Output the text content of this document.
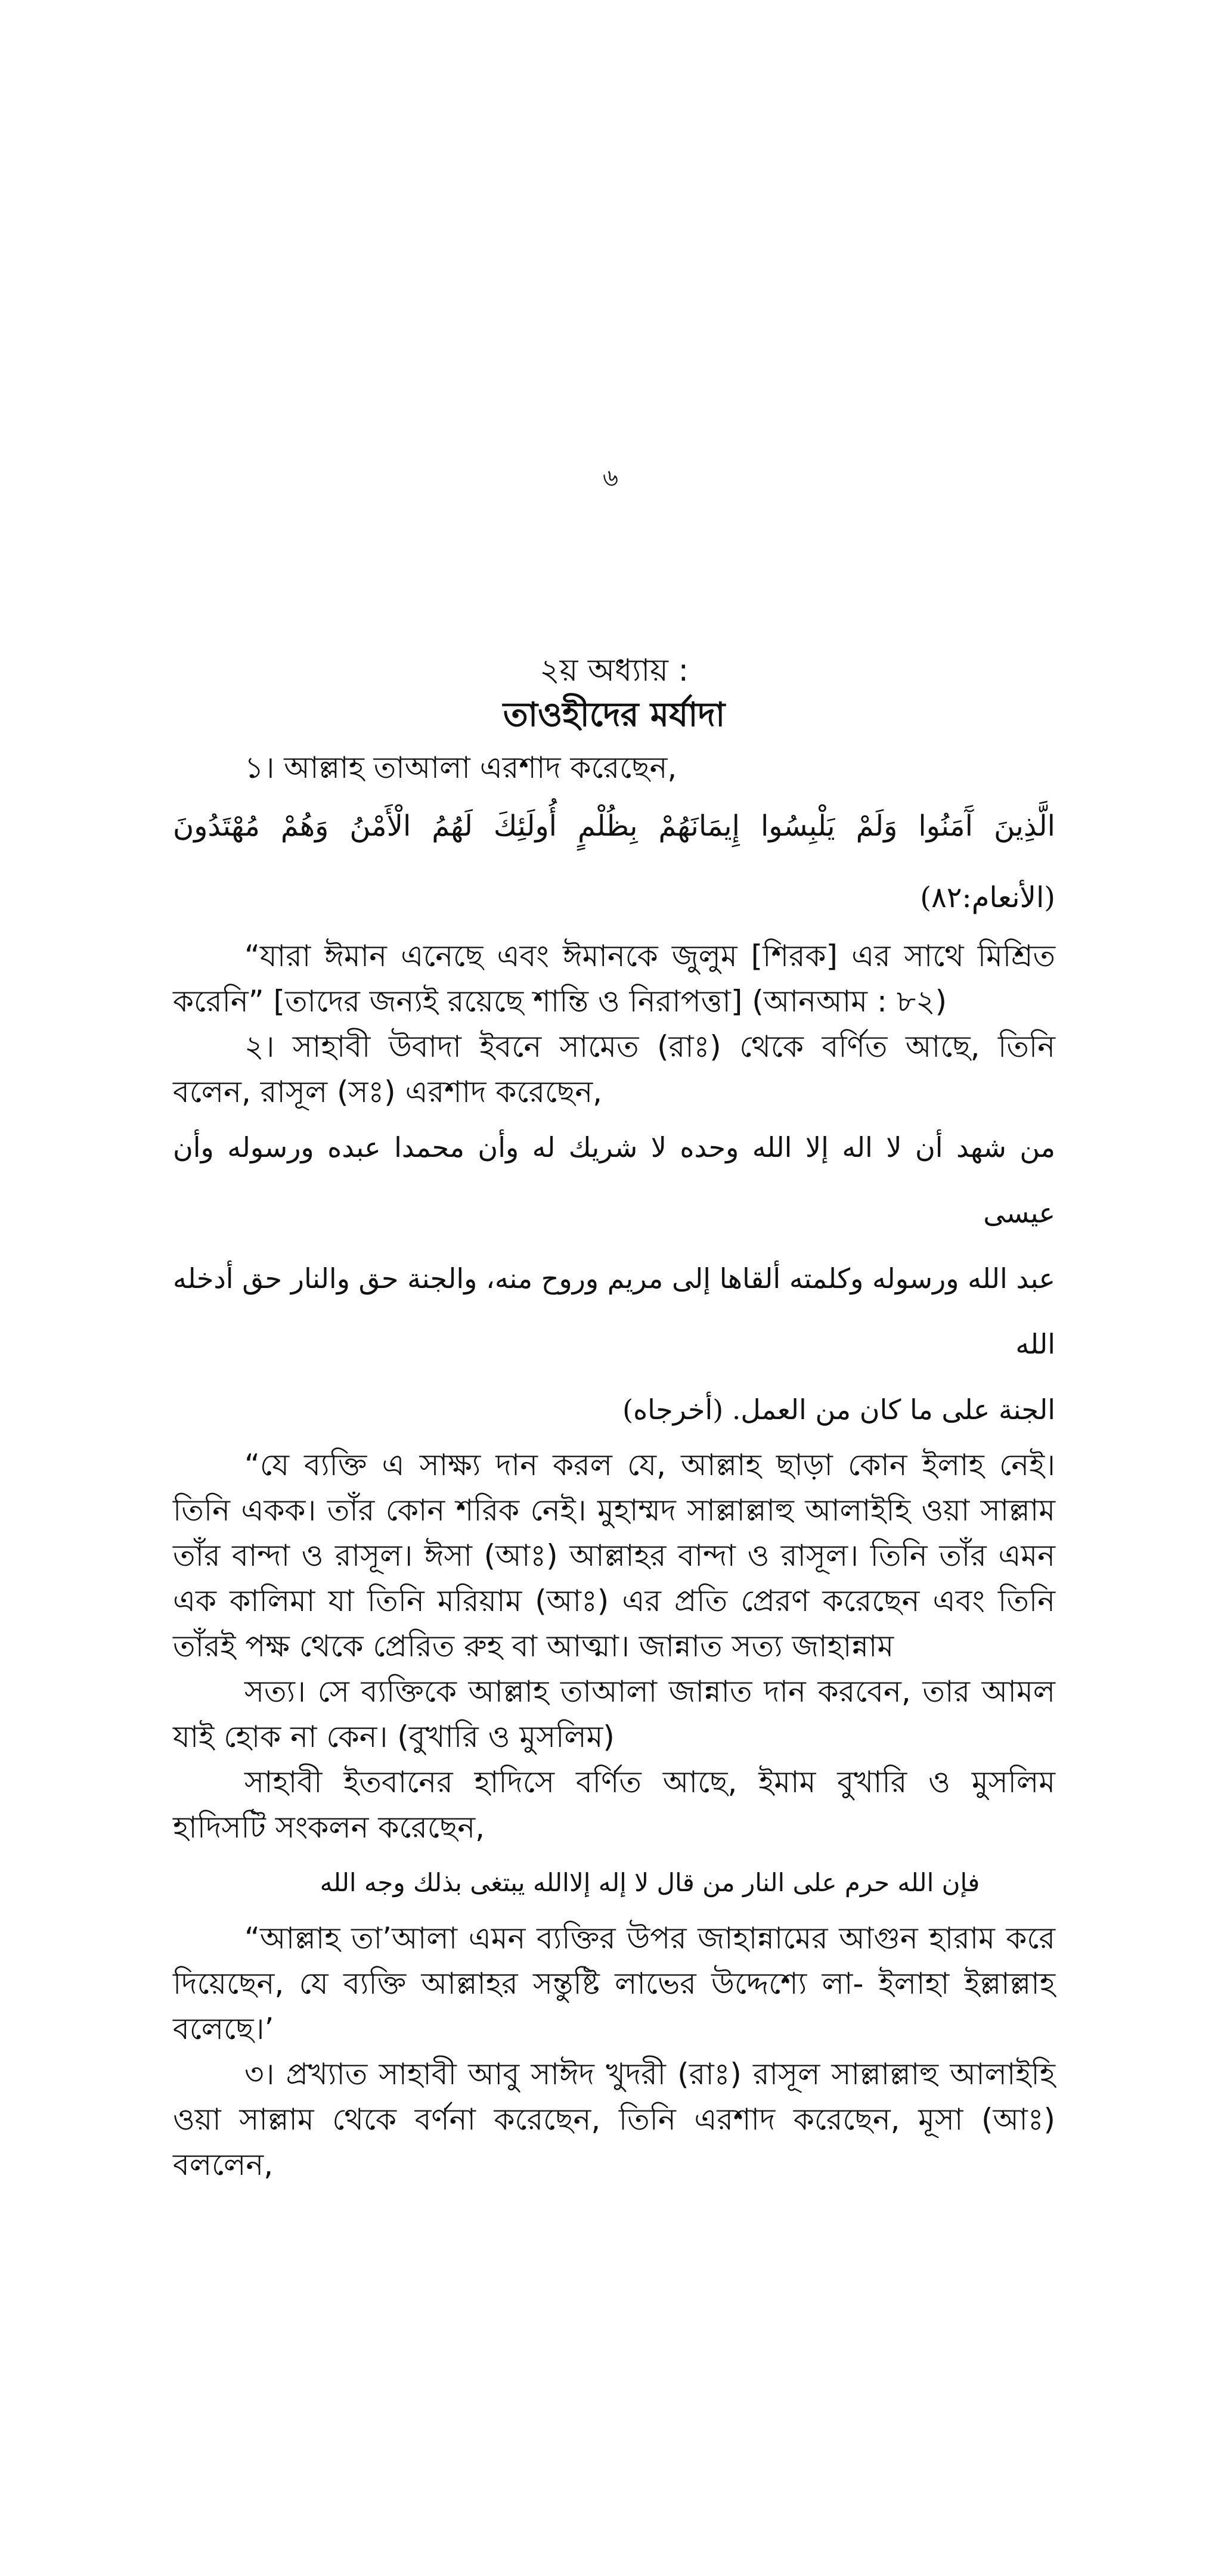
৬

২য় অধ্যায় :

তাওহীদের মর্যাদা

১। আল্লাহ তাআলা এরশাদ করেছেন,

الَّذِينَ آَمَنُوا وَلَمْ يَلْبِسُوا إِيمَانَهُمْ بِظُلْمٍ أُولَئِكَ لَهُمُ الْأَمْنُ وَهُمْ مُهْتَدُونَ (الأنعام:٨٢)

“যারা ঈমান এনেছে এবং ঈমানকে জুলুম [শিরক] এর সাথে মিশ্রিত করেনি” [তাদের জন্যই রয়েছে শান্তি ও নিরাপত্তা] (আনআম : ৮২)

২। সাহাবী উবাদা ইবনে সামেত (রাঃ) থেকে বর্ণিত আছে, তিনি বলেন, রাসূল (সঃ) এরশাদ করেছেন,

من شهد أن لا اله إلا الله وحده لا شريك له وأن محمدا عبده ورسوله وأن عيسى

عبد الله ورسوله وكلمته ألقاها إلى مريم وروح منه، والجنة حق والنار حق أدخله الله

الجنة على ما كان من العمل. (أخرجاه)

“যে ব্যক্তি এ সাক্ষ্য দান করল যে, আল্লাহ ছাড়া কোন ইলাহ নেই। তিনি একক। তাঁর কোন শরিক নেই। মুহাম্মদ সাল্লাল্লাহু আলাইহি ওয়া সাল্লাম তাঁর বান্দা ও রাসূল। ঈসা (আঃ) আল্লাহর বান্দা ও রাসূল। তিনি তাঁর এমন এক কালিমা যা তিনি মরিয়াম (আঃ) এর প্রতি প্রেরণ করেছেন এবং তিনি তাঁরই পক্ষ থেকে প্রেরিত রুহ বা আত্মা। জান্নাত সত্য জাহান্নাম

সত্য। সে ব্যক্তিকে আল্লাহ তাআলা জান্নাত দান করবেন, তার আমল যাই হোক না কেন। (বুখারি ও মুসলিম)

সাহাবী ইতবানের হাদিসে বর্ণিত আছে, ইমাম বুখারি ও মুসলিম হাদিসটি সংকলন করেছেন,

فإن الله حرم على النار من قال لا إله إلاالله يبتغى بذلك وجه الله

“আল্লাহ তা’আলা এমন ব্যক্তির উপর জাহান্নামের আগুন হারাম করে দিয়েছেন, যে ব্যক্তি আল্লাহর সন্তুষ্টি লাভের উদ্দেশ্যে লা- ইলাহা ইল্লাল্লাহ বলেছে।’

৩। প্রখ্যাত সাহাবী আবু সাঈদ খুদরী (রাঃ) রাসূল সাল্লাল্লাহু আলাইহি ওয়া সাল্লাম থেকে বর্ণনা করেছেন, তিনি এরশাদ করেছেন, মূসা (আঃ) বললেন,
